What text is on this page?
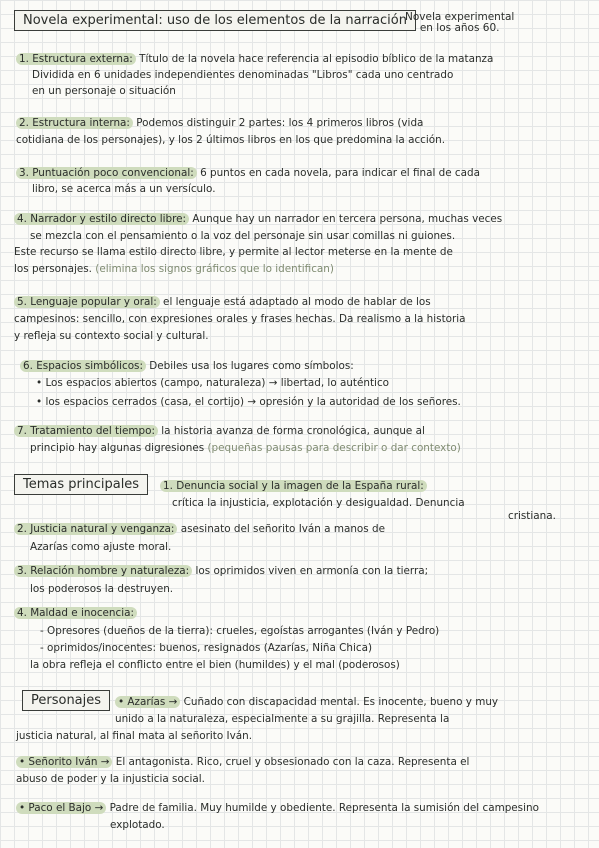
Novela experimental: uso de los elementos de la narración
Novela experimental
en los años 60.
1. Estructura externa: Título de la novela hace referencia al episodio bíblico de la matanza
Dividida en 6 unidades independientes denominadas "Libros" cada uno centrado
en un personaje o situación
2. Estructura interna: Podemos distinguir 2 partes: los 4 primeros libros (vida
cotidiana de los personajes), y los 2 últimos libros en los que predomina la acción.
3. Puntuación poco convencional: 6 puntos en cada novela, para indicar el final de cada
libro, se acerca más a un versículo.
4. Narrador y estilo directo libre: Aunque hay un narrador en tercera persona, muchas veces
se mezcla con el pensamiento o la voz del personaje sin usar comillas ni guiones.
Este recurso se llama estilo directo libre, y permite al lector meterse en la mente de
los personajes. (elimina los signos gráficos que lo identifican)
5. Lenguaje popular y oral: el lenguaje está adaptado al modo de hablar de los
campesinos: sencillo, con expresiones orales y frases hechas. Da realismo a la historia
y refleja su contexto social y cultural.
6. Espacios simbólicos: Debiles usa los lugares como símbolos:
• Los espacios abiertos (campo, naturaleza) → libertad, lo auténtico
• los espacios cerrados (casa, el cortijo) → opresión y la autoridad de los señores.
7. Tratamiento del tiempo: la historia avanza de forma cronológica, aunque al
principio hay algunas digresiones (pequeñas pausas para describir o dar contexto)
Temas principales	1. Denuncia social y la imagen de la España rural:
crítica la injusticia, explotación y desigualdad. Denuncia
cristiana.
2. Justicia natural y venganza: asesinato del señorito Iván a manos de
Azarías como ajuste moral.
3. Relación hombre y naturaleza: los oprimidos viven en armonía con la tierra;
los poderosos la destruyen.
4. Maldad e inocencia:
- Opresores (dueños de la tierra): crueles, egoístas arrogantes (Iván y Pedro)
- oprimidos/inocentes: buenos, resignados (Azarías, Niña Chica)
la obra refleja el conflicto entre el bien (humildes) y el mal (poderosos)
Personajes	• Azarías → Cuñado con discapacidad mental. Es inocente, bueno y muy
unido a la naturaleza, especialmente a su grajilla. Representa la
justicia natural, al final mata al señorito Iván.
• Señorito Iván → El antagonista. Rico, cruel y obsesionado con la caza. Representa el
abuso de poder y la injusticia social.
• Paco el Bajo → Padre de familia. Muy humilde y obediente. Representa la sumisión del campesino
explotado.
